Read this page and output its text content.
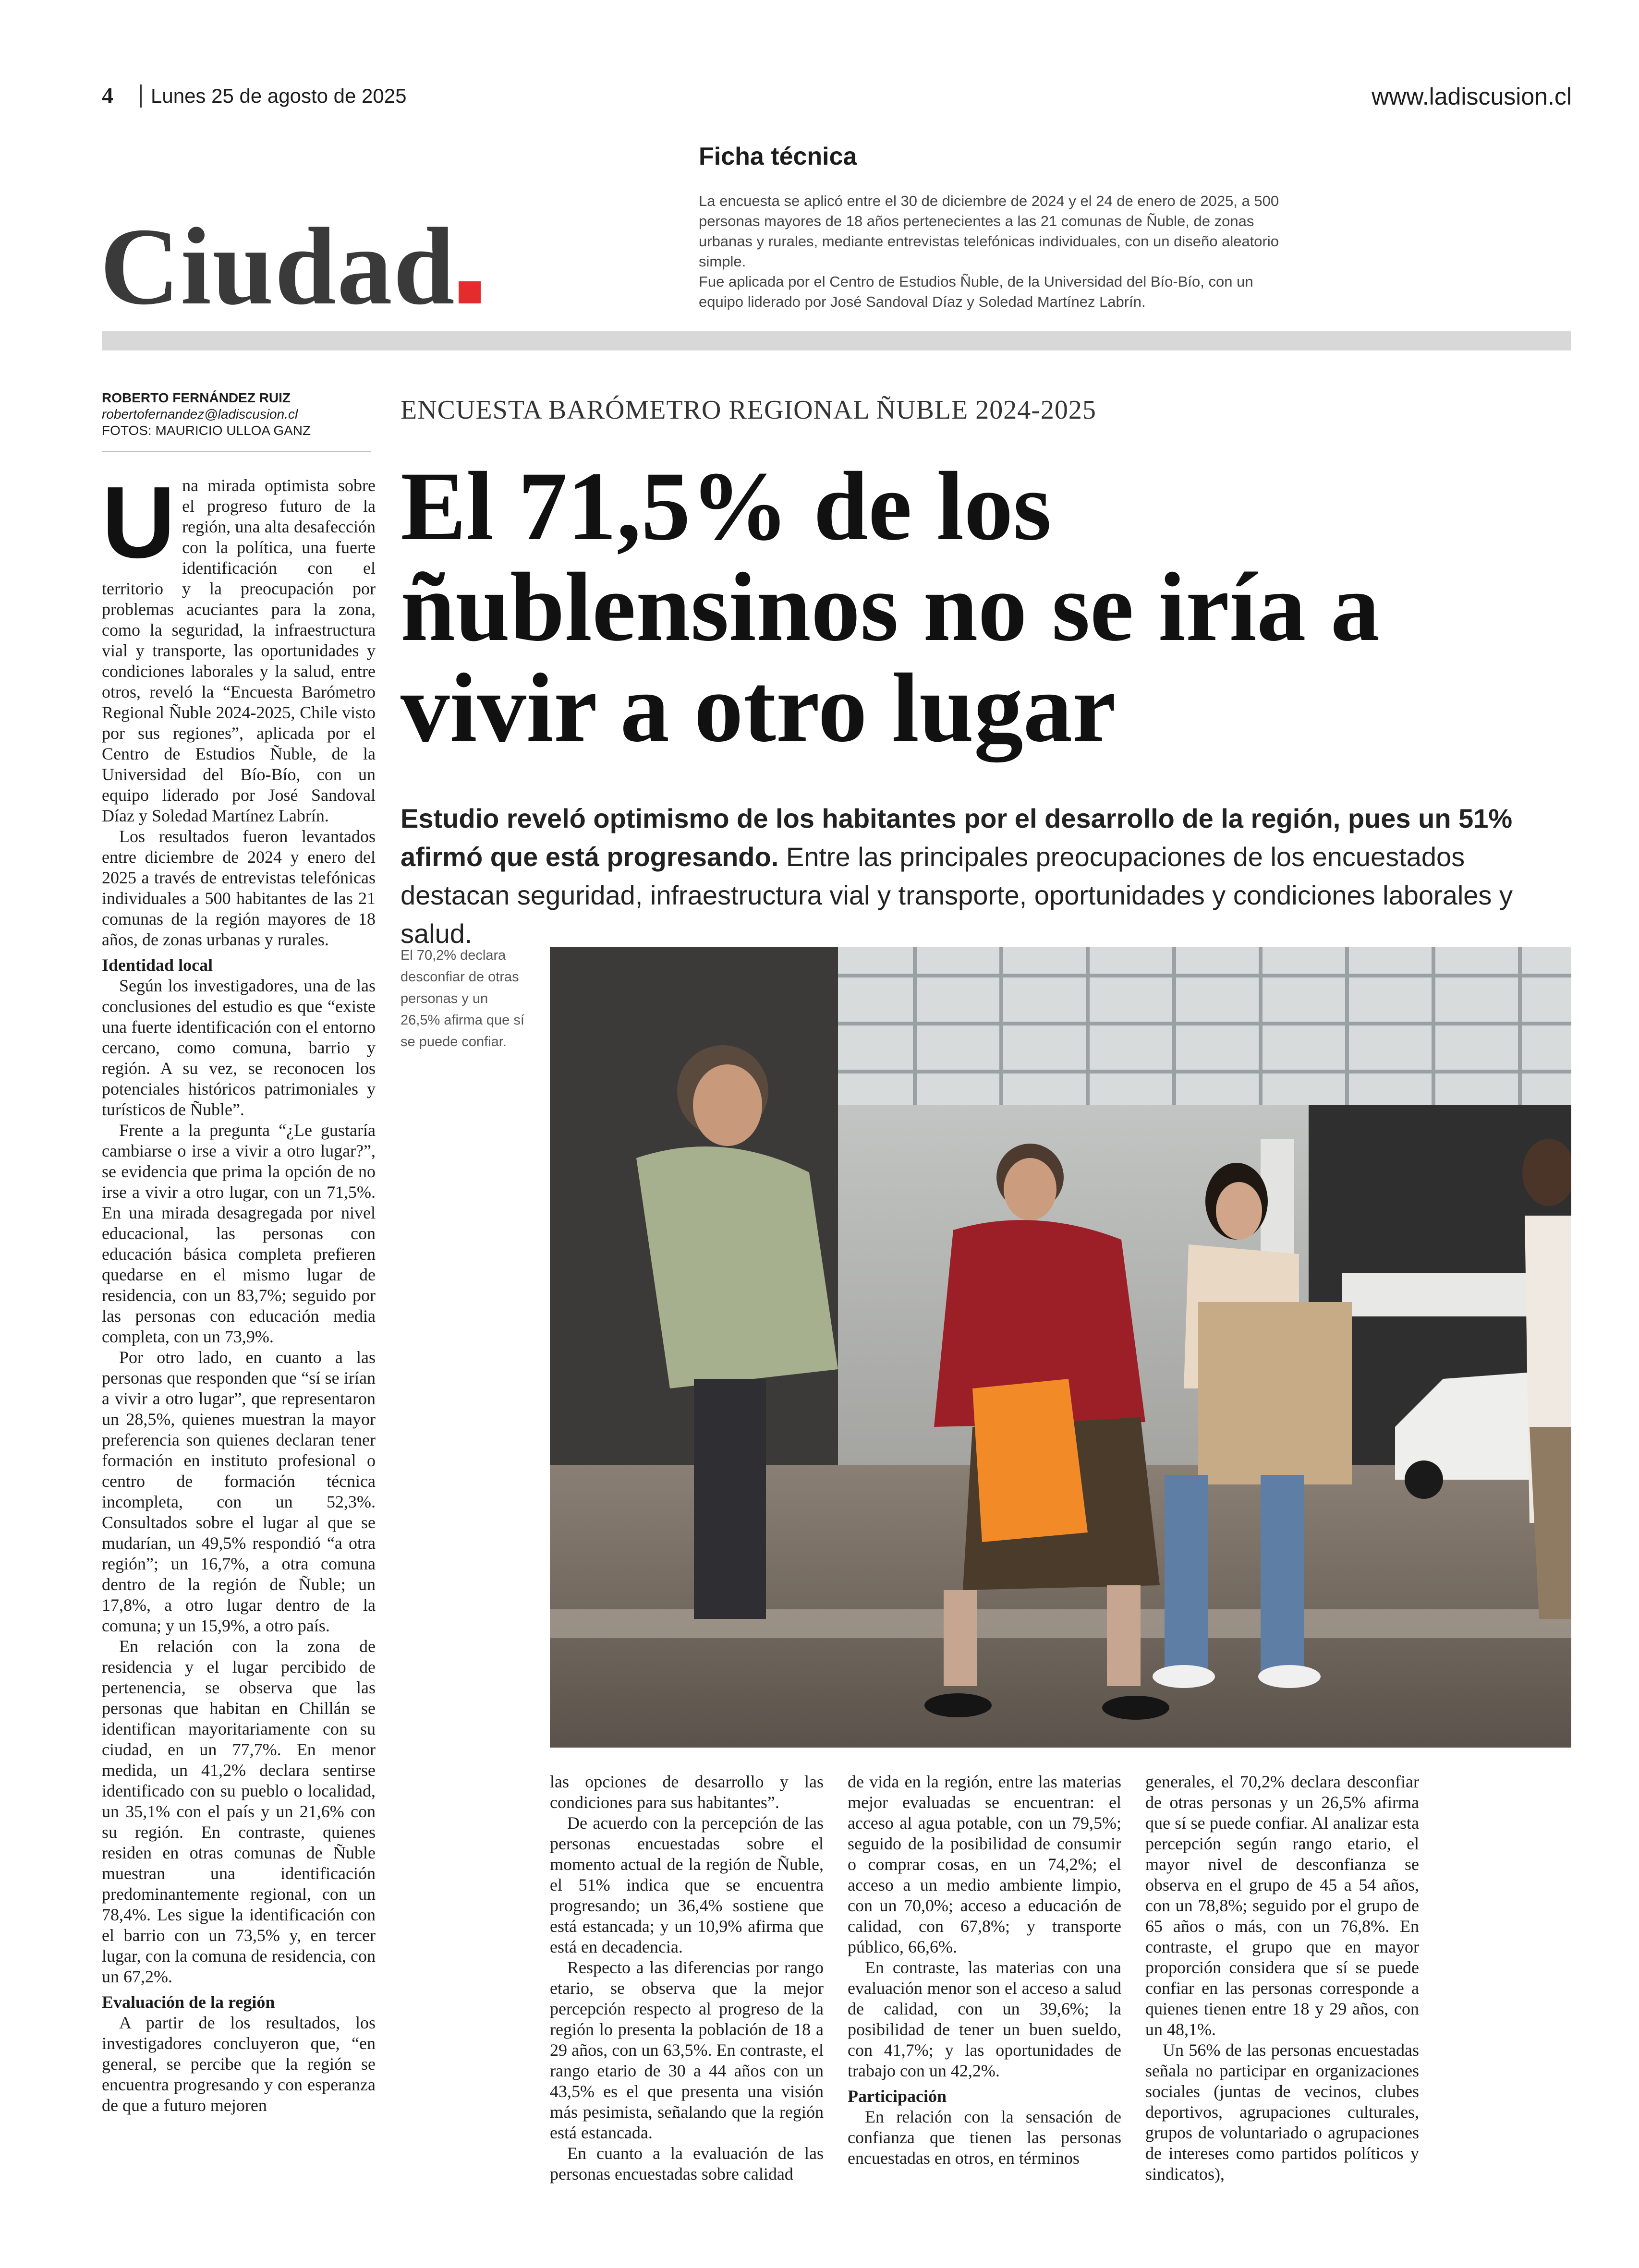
4 Lunes 25 de agosto de 2025	www.ladiscusion.cl
Ficha técnica

La encuesta se aplicó entre el 30 de diciembre de 2024 y el 24 de enero de 2025, a 500 personas mayores de 18 años pertenecientes a las 21 comunas de Ñuble, de zonas urbanas y rurales, mediante entrevistas telefónicas individuales, con un diseño aleatorio simple.

Fue aplicada por el Centro de Estudios Ñuble, de la Universidad del Bío-Bío, con un equipo liderado por José Sandoval Díaz y Soledad Martínez Labrín.

Ciudad
ROBERTO FERNÁNDEZ RUIZ
robertofernandez@ladiscusion.cl
FOTOS: MAURICIO ULLOA GANZ
ENCUESTA BARÓMETRO REGIONAL ÑUBLE 2024-2025
El 71,5% de los ñublensinos no se iría a vivir a otro lugar
Estudio reveló optimismo de los habitantes por el desarrollo de la región, pues un 51% afirmó que está progresando. Entre las principales preocupaciones de los encuestados destacan seguridad, infraestructura vial y transporte, oportunidades y condiciones laborales y salud.
El 70,2% declara desconfiar de otras personas y un 26,5% afirma que sí se puede confiar.
U na mirada optimista sobre el progreso futuro de la región, una alta desafección con la política, una fuerte identificación con el territorio y la preocupación por problemas acuciantes para la zona, como la seguridad, la infraestructura vial y transporte, las oportunidades y condiciones laborales y la salud, entre otros, reveló la “Encuesta Barómetro Regional Ñuble 2024-2025, Chile visto por sus regiones”, aplicada por el Centro de Estudios Ñuble, de la Universidad del Bío-Bío, con un equipo liderado por José Sandoval Díaz y Soledad Martínez Labrín.

Los resultados fueron levantados entre diciembre de 2024 y enero del 2025 a través de entrevistas telefónicas individuales a 500 habitantes de las 21 comunas de la región mayores de 18 años, de zonas urbanas y rurales.

Identidad local

Según los investigadores, una de las conclusiones del estudio es que “existe una fuerte identificación con el entorno cercano, como comuna, barrio y región. A su vez, se reconocen los potenciales históricos patrimoniales y turísticos de Ñuble”.

Frente a la pregunta “¿Le gustaría cambiarse o irse a vivir a otro lugar?”, se evidencia que prima la opción de no irse a vivir a otro lugar, con un 71,5%. En una mirada desagregada por nivel educacional, las personas con educación básica completa prefieren quedarse en el mismo lugar de residencia, con un 83,7%; seguido por las personas con educación media completa, con un 73,9%.

Por otro lado, en cuanto a las personas que responden que “sí se irían a vivir a otro lugar”, que representaron un 28,5%, quienes muestran la mayor preferencia son quienes declaran tener formación en instituto profesional o centro de formación técnica incompleta, con un 52,3%. Consultados sobre el lugar al que se mudarían, un 49,5% respondió “a otra región”; un 16,7%, a otra comuna dentro de la región de Ñuble; un 17,8%, a otro lugar dentro de la comuna; y un 15,9%, a otro país.

En relación con la zona de residencia y el lugar percibido de pertenencia, se observa que las personas que habitan en Chillán se identifican mayoritariamente con su ciudad, en un 77,7%. En menor medida, un 41,2% declara sentirse identificado con su pueblo o localidad, un 35,1% con el país y un 21,6% con su región. En contraste, quienes residen en otras comunas de Ñuble muestran una identificación predominantemente regional, con un 78,4%. Les sigue la identificación con el barrio con un 73,5% y, en tercer lugar, con la comuna de residencia, con un 67,2%.

Evaluación de la región

A partir de los resultados, los investigadores concluyeron que, “en general, se percibe que la región se encuentra progresando y con esperanza de que a futuro mejoren

las opciones de desarrollo y las condiciones para sus habitantes”.

De acuerdo con la percepción de las personas encuestadas sobre el momento actual de la región de Ñuble, el 51% indica que se encuentra progresando; un 36,4% sostiene que está estancada; y un 10,9% afirma que está en decadencia.

Respecto a las diferencias por rango etario, se observa que la mejor percepción respecto al progreso de la región lo presenta la población de 18 a 29 años, con un 63,5%. En contraste, el rango etario de 30 a 44 años con un 43,5% es el que presenta una visión más pesimista, señalando que la región está estancada.

En cuanto a la evaluación de las personas encuestadas sobre calidad

de vida en la región, entre las materias mejor evaluadas se encuentran: el acceso al agua potable, con un 79,5%; seguido de la posibilidad de consumir o comprar cosas, en un 74,2%; el acceso a un medio ambiente limpio, con un 70,0%; acceso a educación de calidad, con 67,8%; y transporte público, 66,6%.

En contraste, las materias con una evaluación menor son el acceso a salud de calidad, con un 39,6%; la posibilidad de tener un buen sueldo, con 41,7%; y las oportunidades de trabajo con un 42,2%.

Participación

En relación con la sensación de confianza que tienen las personas encuestadas en otros, en términos

generales, el 70,2% declara desconfiar de otras personas y un 26,5% afirma que sí se puede confiar. Al analizar esta percepción según rango etario, el mayor nivel de desconfianza se observa en el grupo de 45 a 54 años, con un 78,8%; seguido por el grupo de 65 años o más, con un 76,8%. En contraste, el grupo que en mayor proporción considera que sí se puede confiar en las personas corresponde a quienes tienen entre 18 y 29 años, con un 48,1%.

Un 56% de las personas encuestadas señala no participar en organizaciones sociales (juntas de vecinos, clubes deportivos, agrupaciones culturales, grupos de voluntariado o agrupaciones de intereses como partidos políticos y sindicatos),
